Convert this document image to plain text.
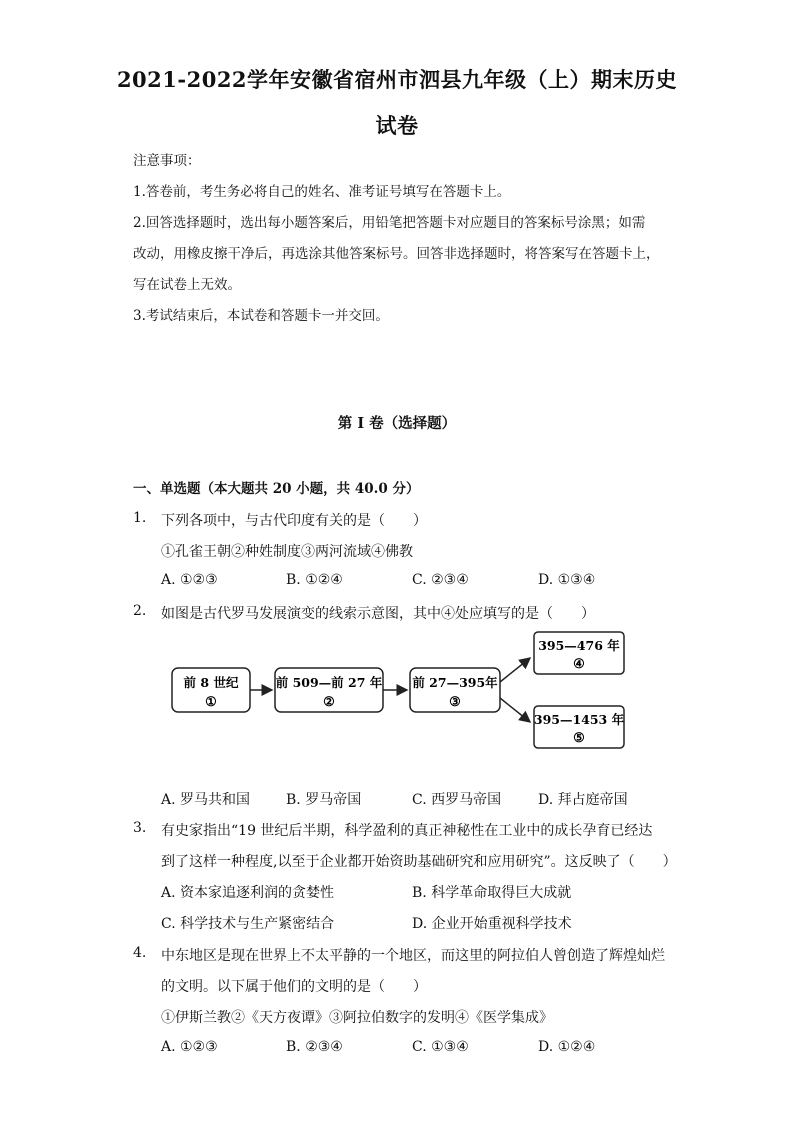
2021-2022学年安徽省宿州市泗县九年级（上）期末历史
试卷
注意事项：
1.答卷前，考生务必将自己的姓名、准考证号填写在答题卡上。
2.回答选择题时，选出每小题答案后，用铅笔把答题卡对应题目的答案标号涂黑；如需
改动，用橡皮擦干净后，再选涂其他答案标号。回答非选择题时，将答案写在答题卡上，
写在试卷上无效。
3.考试结束后，本试卷和答题卡一并交回。
第 I 卷（选择题）
一、单选题（本大题共 20 小题，共 40.0 分）
1. 下列各项中，与古代印度有关的是（　　）
①孔雀王朝②种姓制度③两河流域④佛教
A. ①②③	B. ①②④	C. ②③④	D. ①③④
2. 如图是古代罗马发展演变的线索示意图，其中④处应填写的是（　　）
前 8 世纪
①
前 509—前 27 年
②
前 27—395年
③
395—476 年
④
395—1453 年
⑤
A. 罗马共和国	B. 罗马帝国	C. 西罗马帝国	D. 拜占庭帝国
3. 有史家指出“19 世纪后半期，科学盈利的真正神秘性在工业中的成长孕育已经达
到了这样一种程度,以至于企业都开始资助基础研究和应用研究”。这反映了（　　）
A. 资本家追逐利润的贪婪性	B. 科学革命取得巨大成就
C. 科学技术与生产紧密结合	D. 企业开始重视科学技术
4. 中东地区是现在世界上不太平静的一个地区，而这里的阿拉伯人曾创造了辉煌灿烂
的文明。以下属于他们的文明的是（　　）
①伊斯兰教②《天方夜谭》③阿拉伯数字的发明④《医学集成》
A. ①②③	B. ②③④	C. ①③④	D. ①②④
